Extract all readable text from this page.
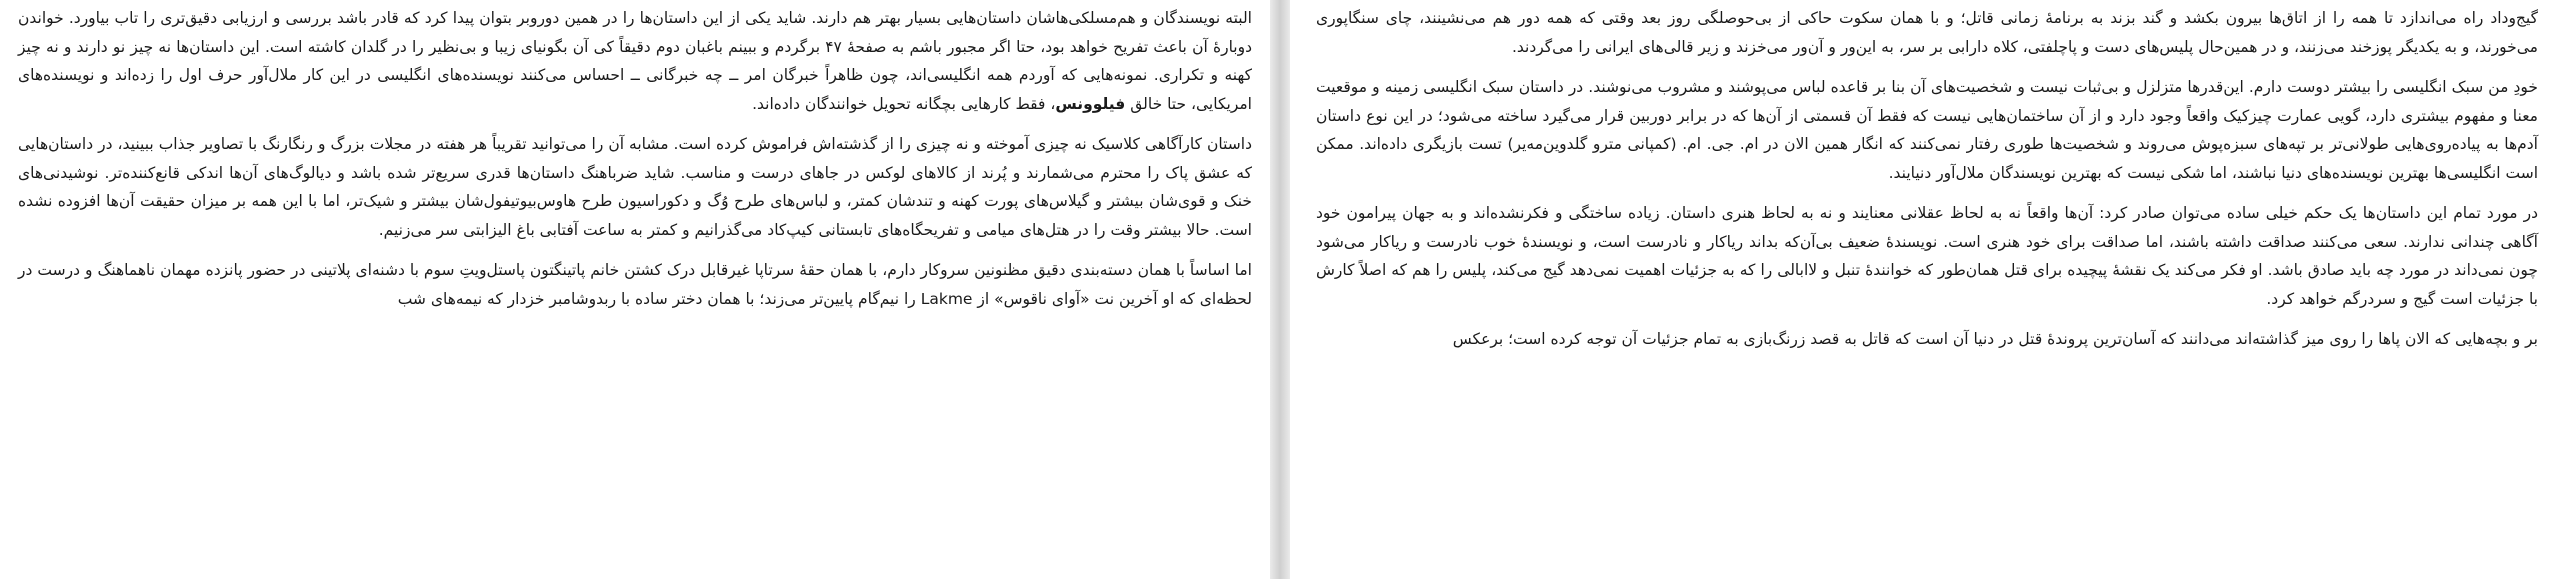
البته نویسندگان و هم‌مسلکی‌هاشان داستان‌هایی بسیار بهتر هم دارند. شاید یکی از این داستان‌ها را در همین دوروبر بتوان پیدا کرد که قادر باشد بررسی و ارزیابی دقیق‌تری را تاب بیاورد. خواندن دوبارهٔ آن باعث تفریح خواهد بود، حتا اگر مجبور باشم به صفحهٔ ۴۷ برگردم و ببینم باغبان دوم دقیقاً کی آن بگونیای زیبا و بی‌نظیر را در گلدان کاشته است. این داستان‌ها نه چیز نو دارند و نه چیز کهنه و تکراری. نمونه‌هایی که آوردم همه انگلیسی‌اند، چون ظاهراً خبرگان امر ــ چه خبرگانی ــ احساس می‌کنند نویسنده‌های انگلیسی در این کار ملال‌آور حرف اول را زده‌اند و نویسنده‌های امریکایی، حتا خالق فیلوونس، فقط کارهایی بچگانه تحویل خوانندگان داده‌اند.

داستان کارآگاهی کلاسیک نه چیزی آموخته و نه چیزی را از گذشته‌اش فراموش کرده است. مشابه آن را می‌توانید تقریباً هر هفته در مجلات بزرگ و رنگارنگ با تصاویر جذاب ببینید، در داستان‌هایی که عشق پاک را محترم می‌شمارند و پُرند از کالاهای لوکس در جاهای درست و مناسب. شاید ضرباهنگ داستان‌ها قدری سریع‌تر شده باشد و دیالوگ‌های آن‌ها اندکی قانع‌کننده‌تر. نوشیدنی‌های خنک و قوی‌شان بیشتر و گیلاس‌های پورت کهنه و تندشان کمتر، و لباس‌های طرح وُگ و دکوراسیون طرح هاوس‌بیوتیفول‌شان بیشتر و شیک‌تر، اما با این همه بر میزان حقیقت آن‌ها افزوده نشده است. حالا بیشتر وقت را در هتل‌های میامی و تفریحگاه‌های تابستانی کیپ‌کاد می‌گذرانیم و کمتر به ساعت آفتابی باغ الیزابتی سر می‌زنیم.

اما اساساً با همان دسته‌بندی دقیق مظنونین سروکار دارم، با همان حقهٔ سرتاپا غیرقابل درک کشتن خانم پاتینگتون پاستل‌ویتِ سوم با دشنه‌ای پلاتینی در حضور پانزده مهمان ناهماهنگ و درست در لحظه‌ای که او آخرین نت «آوای ناقوس» از Lakme را نیم‌گام پایین‌تر می‌زند؛ با همان دختر ساده با ربدوشامبر خزدار که نیمه‌های شب

گیج‌وداد راه می‌اندازد تا همه را از اتاق‌ها بیرون بکشد و گند بزند به برنامهٔ زمانی قاتل؛ و با همان سکوت حاکی از بی‌حوصلگی روز بعد وقتی که همه دور هم می‌نشینند، چای سنگاپوری می‌خورند، و به یکدیگر پوزخند می‌زنند، و در همین‌حال پلیس‌های دست و پاچلفتی، کلاه دارابی بر سر، به این‌ور و آن‌ور می‌خزند و زیر قالی‌های ایرانی را می‌گردند.

خودِ من سبک انگلیسی را بیشتر دوست دارم. این‌قدرها متزلزل و بی‌ثبات نیست و شخصیت‌های آن بنا بر قاعده لباس می‌پوشند و مشروب می‌نوشند. در داستان سبک انگلیسی زمینه و موقعیت معنا و مفهوم بیشتری دارد، گویی عمارت چیزکیک واقعاً وجود دارد و از آن ساختمان‌هایی نیست که فقط آن قسمتی از آن‌ها که در برابر دوربین قرار می‌گیرد ساخته می‌شود؛ در این نوع داستان آدم‌ها به پیاده‌روی‌هایی طولانی‌تر بر تپه‌های سبزه‌پوش می‌روند و شخصیت‌ها طوری رفتار نمی‌کنند که انگار همین الان در ام. جی. ام. (کمپانی مترو گلدوین‌مه‌یر) تست بازیگری داده‌اند. ممکن است انگلیسی‌ها بهترین نویسنده‌های دنیا نباشند، اما شکی نیست که بهترین نویسندگان ملال‌آور دنیایند.

در مورد تمام این داستان‌ها یک حکم خیلی ساده می‌توان صادر کرد: آن‌ها واقعاً نه به لحاظ عقلانی معنایند و نه به لحاظ هنری داستان. زیاده ساختگی و فکرنشده‌اند و به جهان پیرامون خود آگاهی چندانی ندارند. سعی می‌کنند صداقت داشته باشند، اما صداقت برای خود هنری است. نویسندهٔ ضعیف بی‌آن‌که بداند ریاکار و نادرست است، و نویسندهٔ خوب نادرست و ریاکار می‌شود چون نمی‌داند در مورد چه باید صادق باشد. او فکر می‌کند یک نقشهٔ پیچیده برای قتل همان‌طور که خوانندهٔ تنبل و لاابالی را که به جزئیات اهمیت نمی‌دهد گیج می‌کند، پلیس را هم که اصلاً کارش با جزئیات است گیج و سردرگم خواهد کرد.

بر و بچه‌هایی که الان پاها را روی میز گذاشته‌اند می‌دانند که آسان‌ترین پروندهٔ قتل در دنیا آن است که قاتل به قصد زرنگ‌بازی به تمام جزئیات آن توجه کرده است؛ برعکس
